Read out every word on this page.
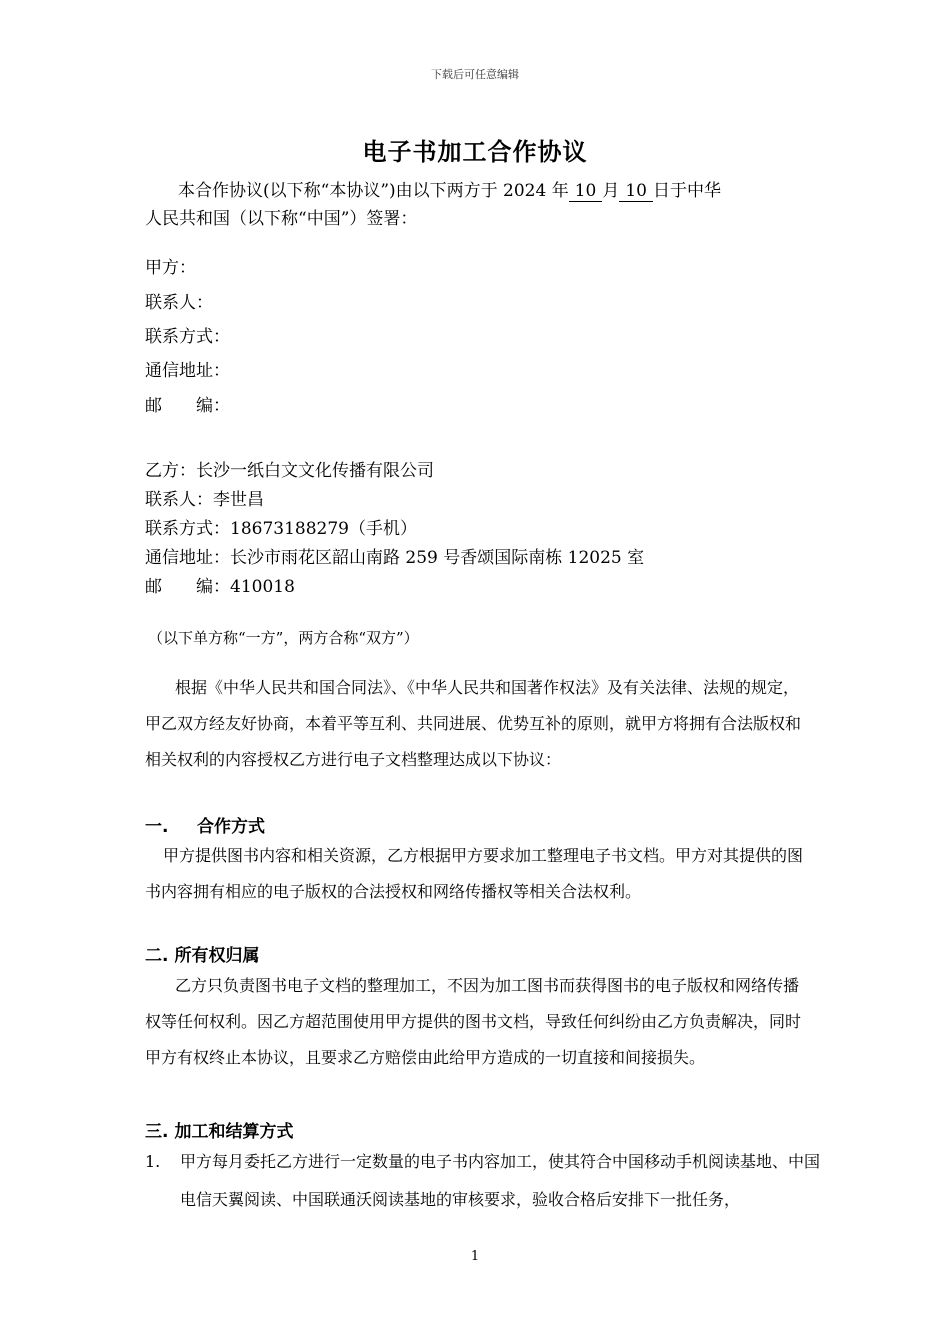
下载后可任意编辑
电子书加工合作协议
本合作协议(以下称“本协议”)由以下两方于 2024 年 10 月 10 日于中华
人民共和国（以下称“中国”）签署：
甲方：
联系人：
联系方式：
通信地址：
邮　　编：
乙方：长沙一纸白文文化传播有限公司
联系人：李世昌
联系方式：18673188279（手机）
通信地址：长沙市雨花区韶山南路 259 号香颂国际南栋 12025 室
邮　　编：410018
（以下单方称“一方”，两方合称“双方”）
根据《中华人民共和国合同法》、《中华人民共和国著作权法》及有关法律、法规的规定，甲乙双方经友好协商，本着平等互利、共同进展、优势互补的原则，就甲方将拥有合法版权和相关权利的内容授权乙方进行电子文档整理达成以下协议：
一. 合作方式
甲方提供图书内容和相关资源，乙方根据甲方要求加工整理电子书文档。甲方对其提供的图书内容拥有相应的电子版权的合法授权和网络传播权等相关合法权利。
二. 所有权归属
乙方只负责图书电子文档的整理加工，不因为加工图书而获得图书的电子版权和网络传播权等任何权利。因乙方超范围使用甲方提供的图书文档，导致任何纠纷由乙方负责解决，同时甲方有权终止本协议，且要求乙方赔偿由此给甲方造成的一切直接和间接损失。
三. 加工和结算方式
1. 甲方每月委托乙方进行一定数量的电子书内容加工，使其符合中国移动手机阅读基地、中国电信天翼阅读、中国联通沃阅读基地的审核要求，验收合格后安排下一批任务，
1
